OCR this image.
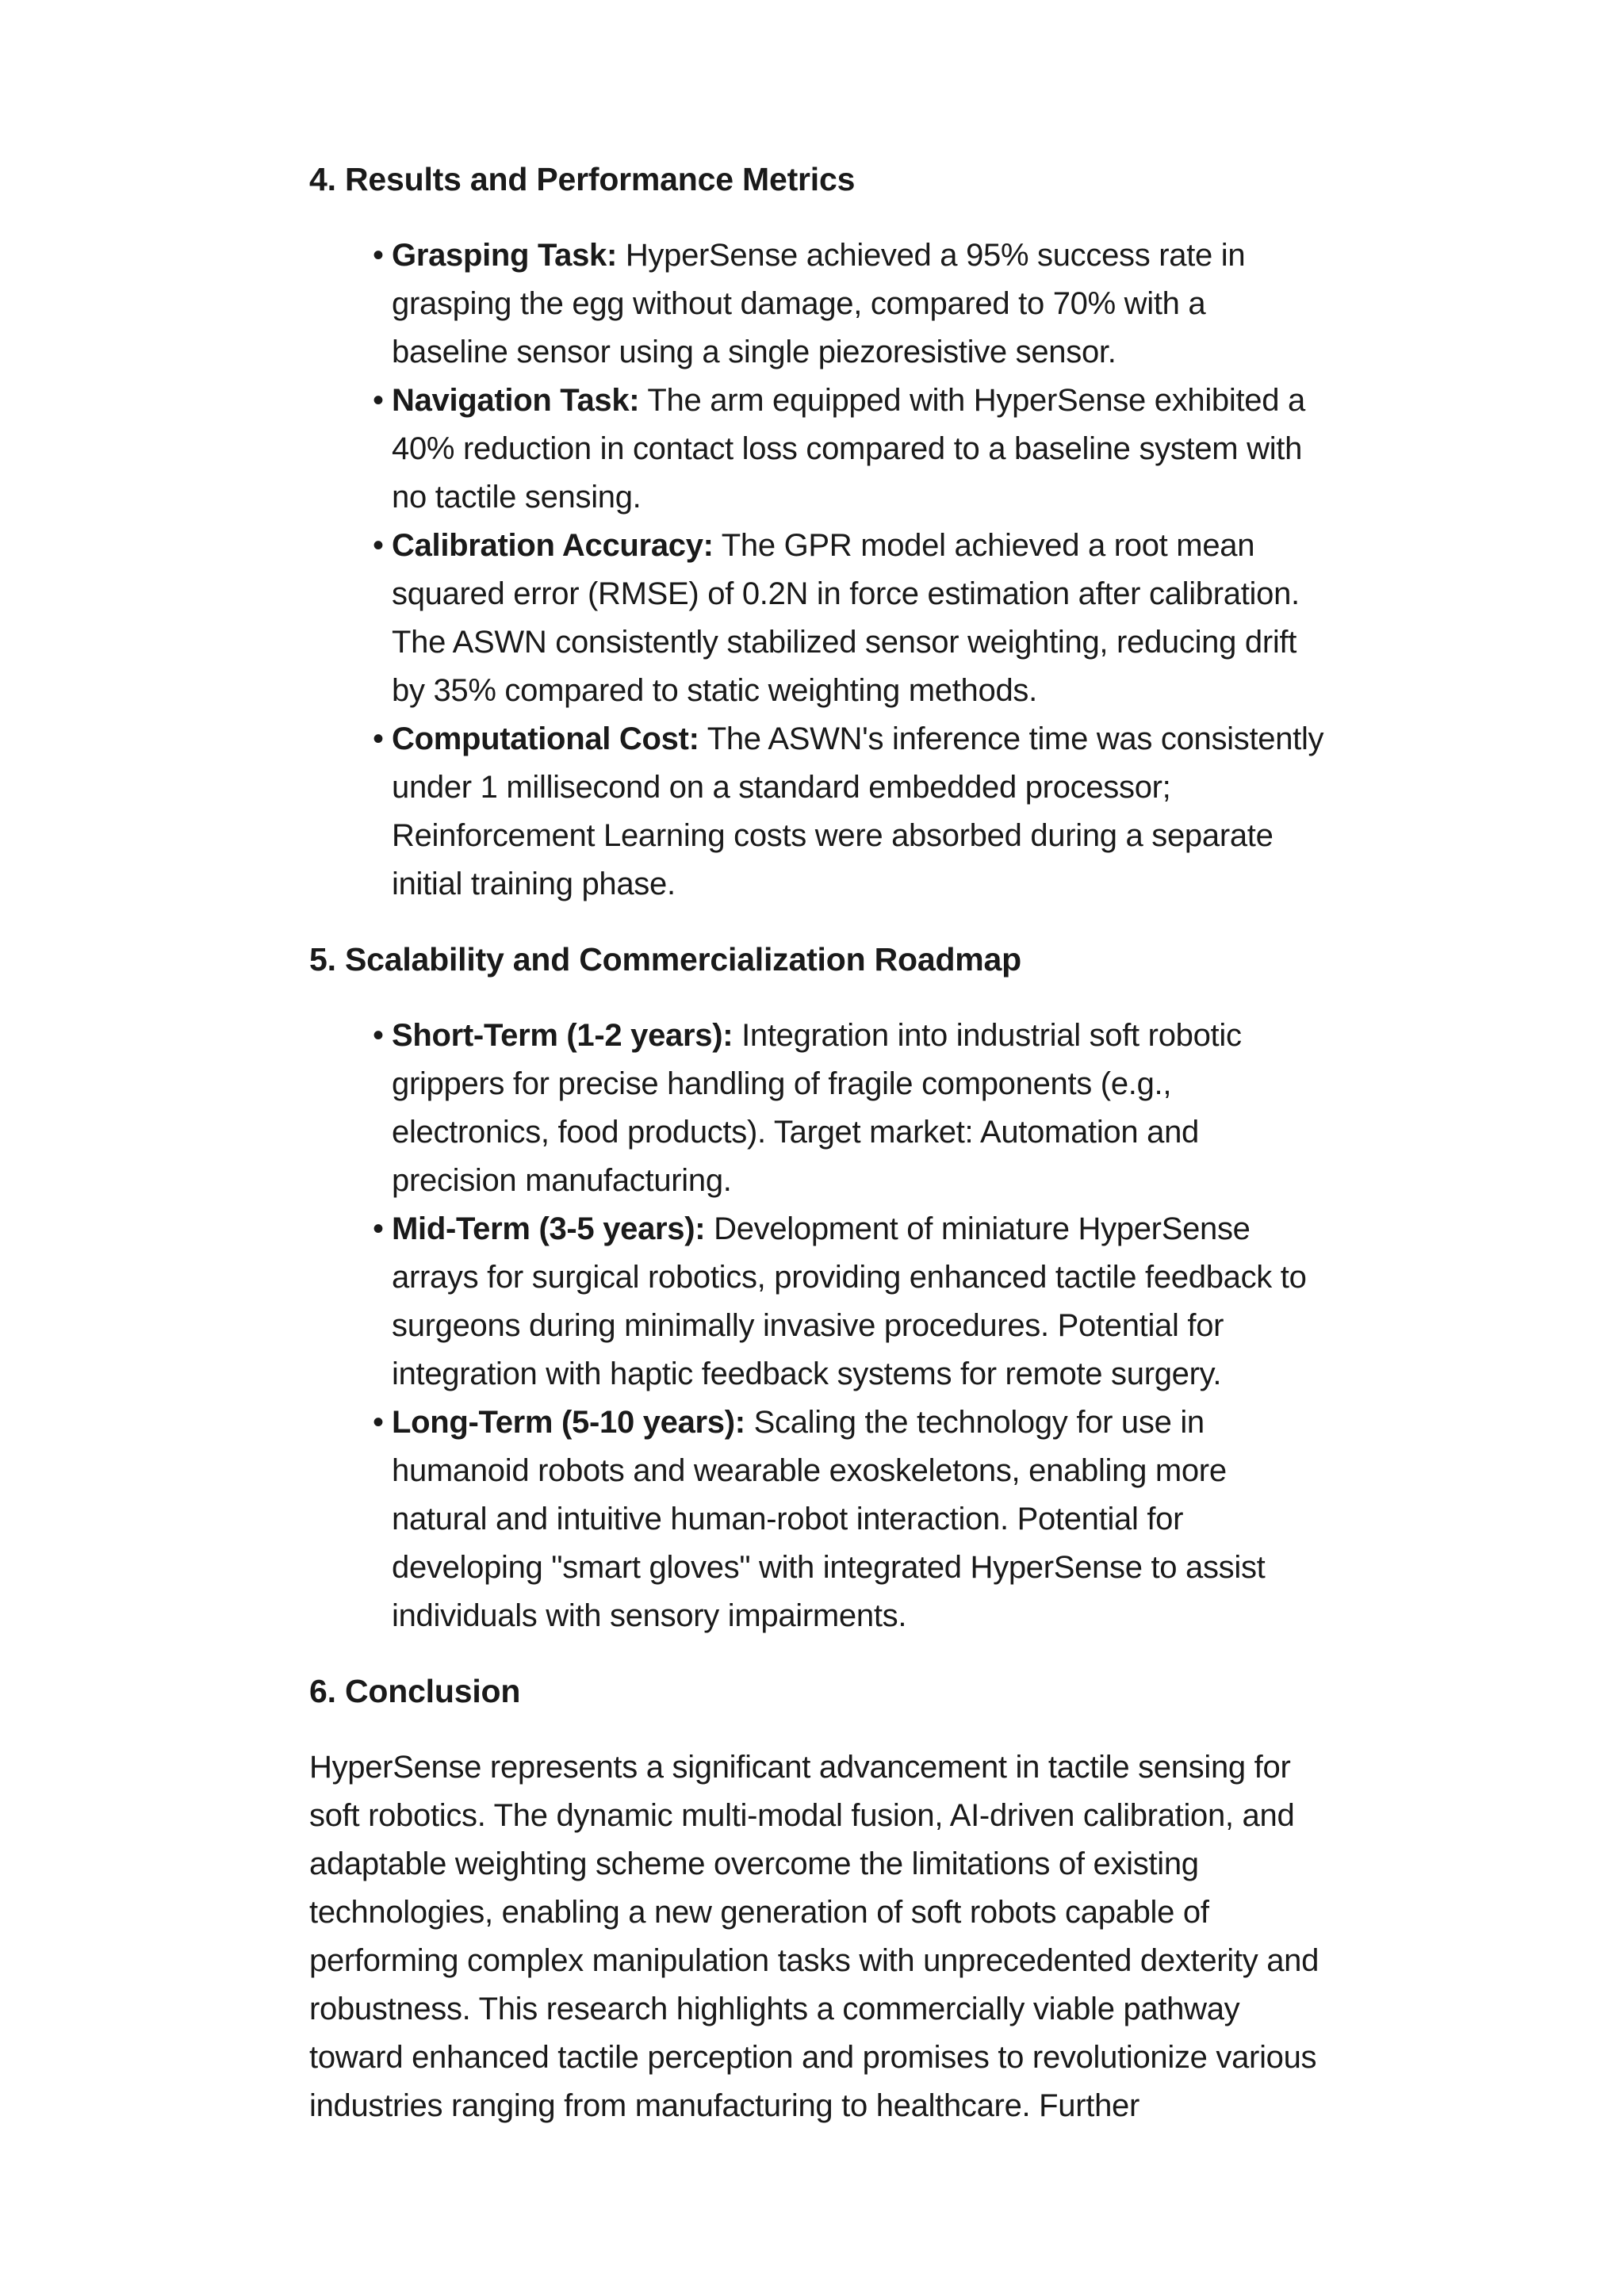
4. Results and Performance Metrics
• Grasping Task: HyperSense achieved a 95% success rate in grasping the egg without damage, compared to 70% with a baseline sensor using a single piezoresistive sensor.
• Navigation Task: The arm equipped with HyperSense exhibited a 40% reduction in contact loss compared to a baseline system with no tactile sensing.
• Calibration Accuracy: The GPR model achieved a root mean squared error (RMSE) of 0.2N in force estimation after calibration. The ASWN consistently stabilized sensor weighting, reducing drift by 35% compared to static weighting methods.
• Computational Cost: The ASWN's inference time was consistently under 1 millisecond on a standard embedded processor; Reinforcement Learning costs were absorbed during a separate initial training phase.
5. Scalability and Commercialization Roadmap
• Short-Term (1-2 years): Integration into industrial soft robotic grippers for precise handling of fragile components (e.g., electronics, food products). Target market: Automation and precision manufacturing.
• Mid-Term (3-5 years): Development of miniature HyperSense arrays for surgical robotics, providing enhanced tactile feedback to surgeons during minimally invasive procedures. Potential for integration with haptic feedback systems for remote surgery.
• Long-Term (5-10 years): Scaling the technology for use in humanoid robots and wearable exoskeletons, enabling more natural and intuitive human-robot interaction. Potential for developing "smart gloves" with integrated HyperSense to assist individuals with sensory impairments.
6. Conclusion

HyperSense represents a significant advancement in tactile sensing for soft robotics. The dynamic multi-modal fusion, AI-driven calibration, and adaptable weighting scheme overcome the limitations of existing technologies, enabling a new generation of soft robots capable of performing complex manipulation tasks with unprecedented dexterity and robustness. This research highlights a commercially viable pathway toward enhanced tactile perception and promises to revolutionize various industries ranging from manufacturing to healthcare. Further
